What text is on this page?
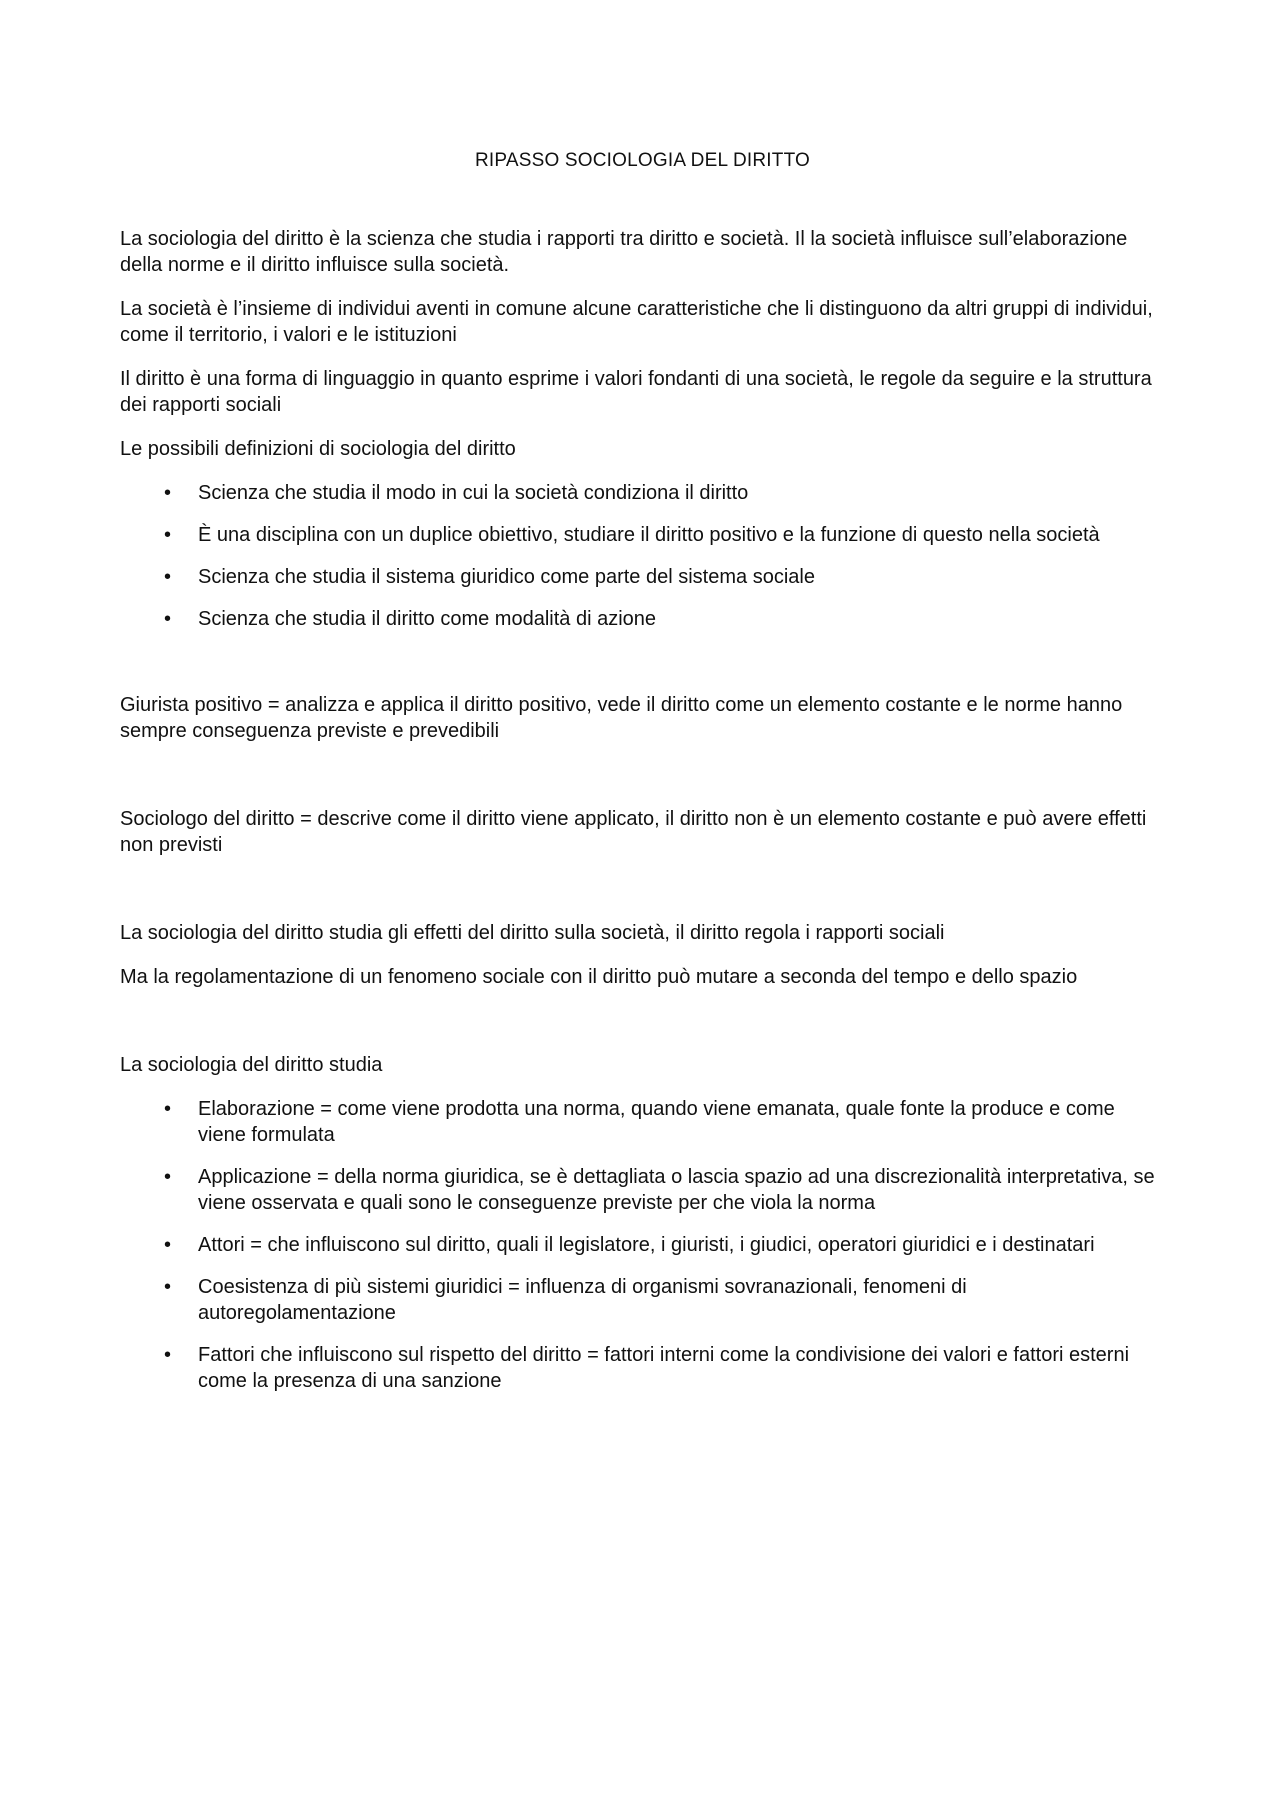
RIPASSO SOCIOLOGIA DEL DIRITTO

La sociologia del diritto è la scienza che studia i rapporti tra diritto e società. Il la società influisce sull’elaborazione della norme e il diritto influisce sulla società.

La società è l’insieme di individui aventi in comune alcune caratteristiche che li distinguono da altri gruppi di individui, come il territorio, i valori e le istituzioni

Il diritto è una forma di linguaggio in quanto esprime i valori fondanti di una società, le regole da seguire e la struttura dei rapporti sociali

Le possibili definizioni di sociologia del diritto

• Scienza che studia il modo in cui la società condiziona il diritto
• È una disciplina con un duplice obiettivo, studiare il diritto positivo e la funzione di questo nella società
• Scienza che studia il sistema giuridico come parte del sistema sociale
• Scienza che studia il diritto come modalità di azione

Giurista positivo = analizza e applica il diritto positivo, vede il diritto come un elemento costante e le norme hanno sempre conseguenza previste e prevedibili

Sociologo del diritto = descrive come il diritto viene applicato, il diritto non è un elemento costante e può avere effetti non previsti

La sociologia del diritto studia gli effetti del diritto sulla società, il diritto regola i rapporti sociali

Ma la regolamentazione di un fenomeno sociale con il diritto può mutare a seconda del tempo e dello spazio

La sociologia del diritto studia

• Elaborazione = come viene prodotta una norma, quando viene emanata, quale fonte la produce e come viene formulata
• Applicazione = della norma giuridica, se è dettagliata o lascia spazio ad una discrezionalità interpretativa, se viene osservata e quali sono le conseguenze previste per che viola la norma
• Attori = che influiscono sul diritto, quali il legislatore, i giuristi, i giudici, operatori giuridici e i destinatari
• Coesistenza di più sistemi giuridici = influenza di organismi sovranazionali, fenomeni di autoregolamentazione
• Fattori che influiscono sul rispetto del diritto = fattori interni come la condivisione dei valori e fattori esterni come la presenza di una sanzione
